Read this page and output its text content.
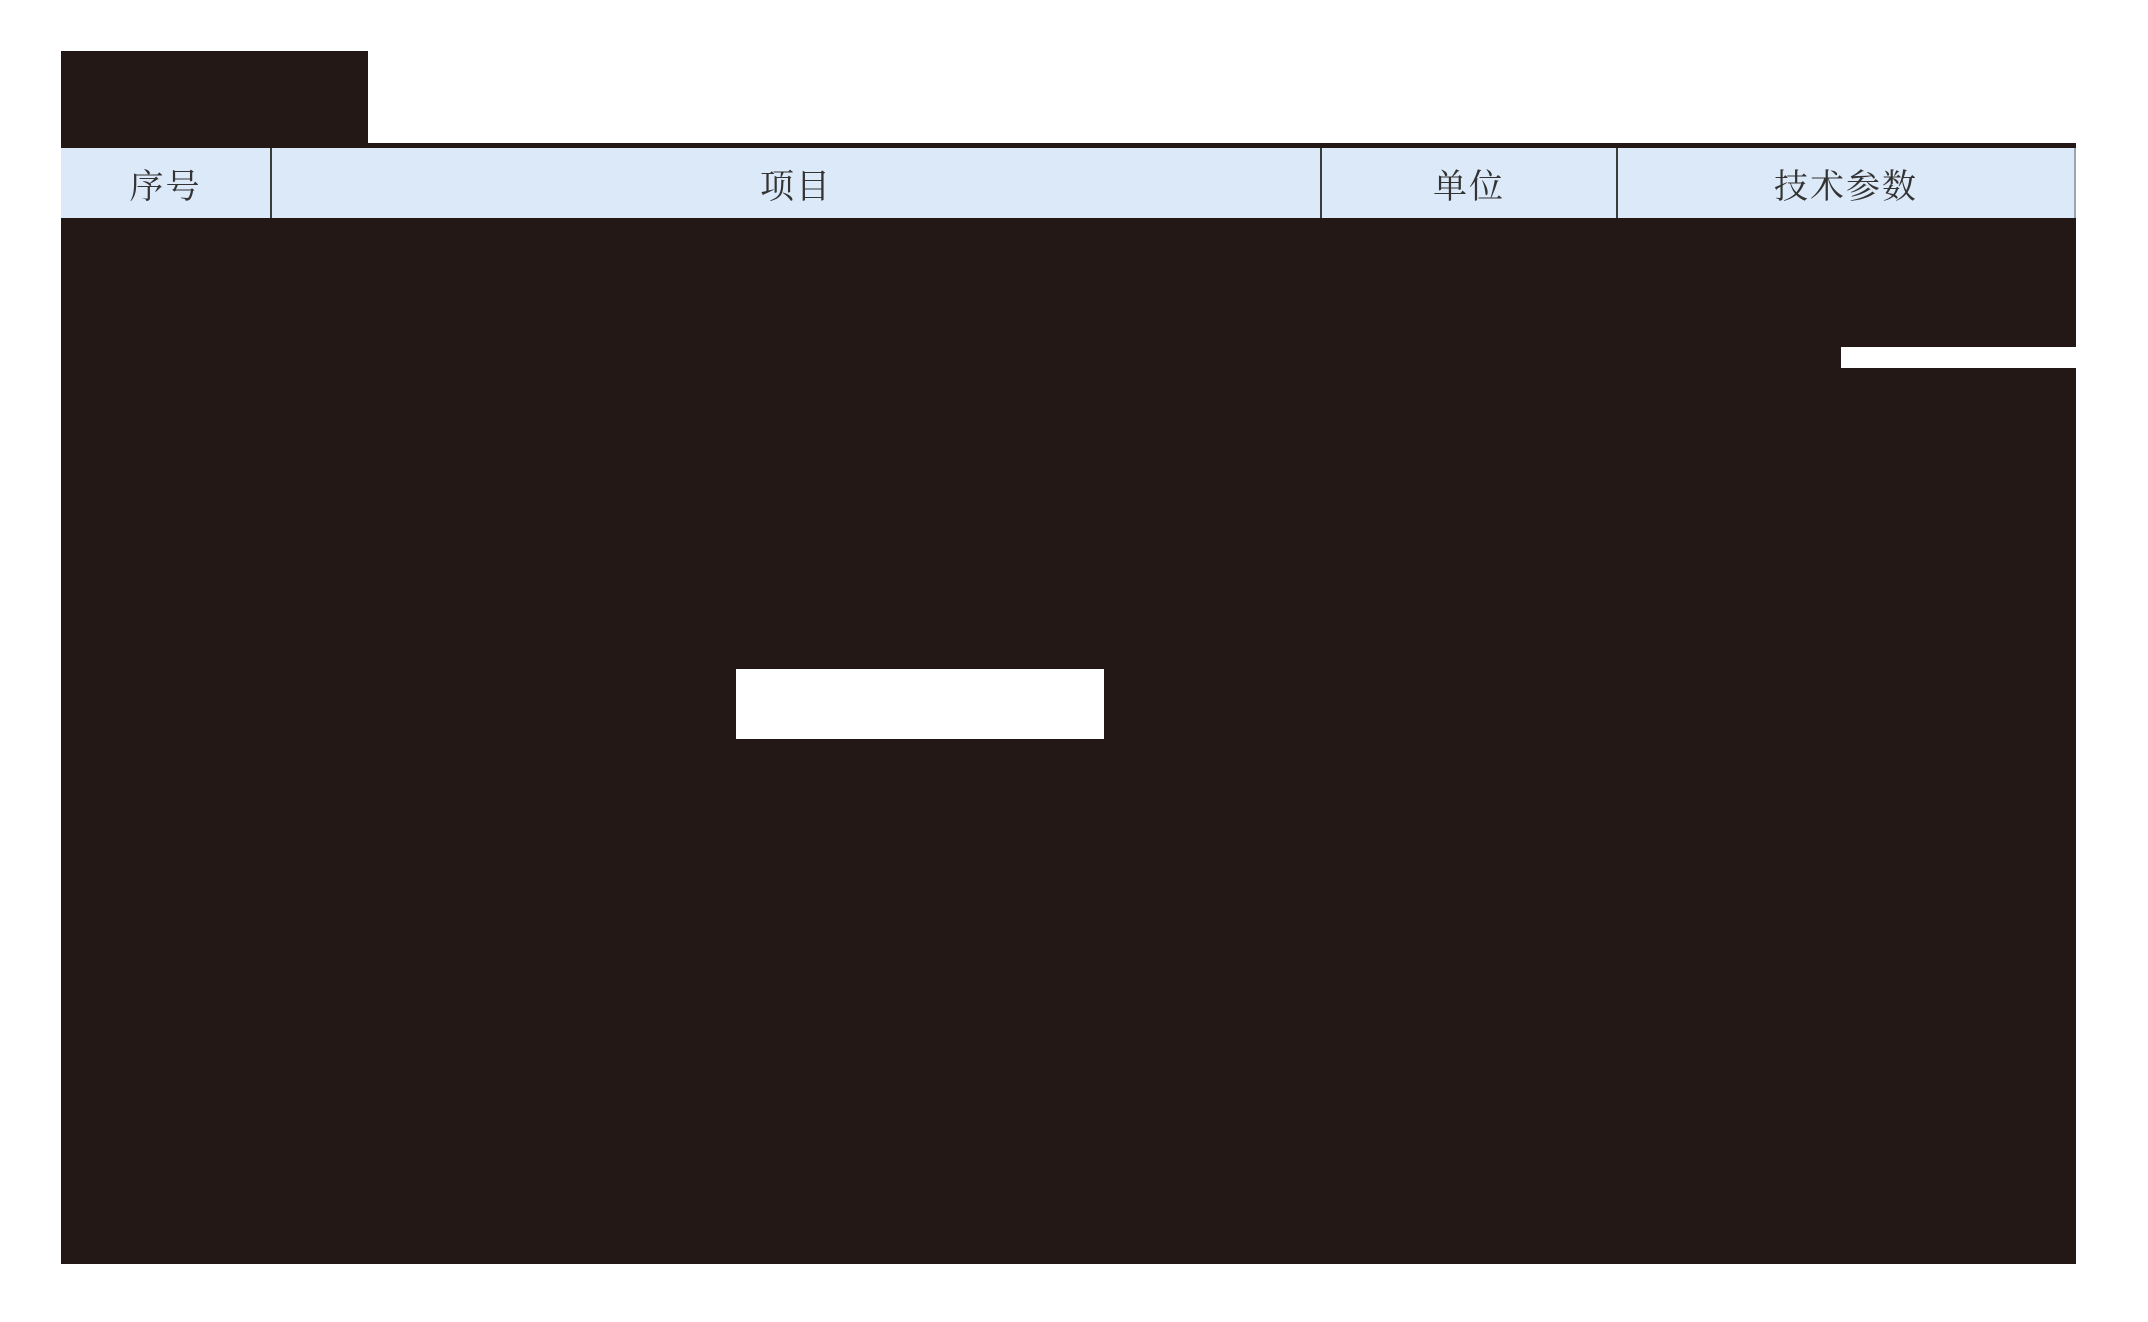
序号	项目	单位	技术参数
